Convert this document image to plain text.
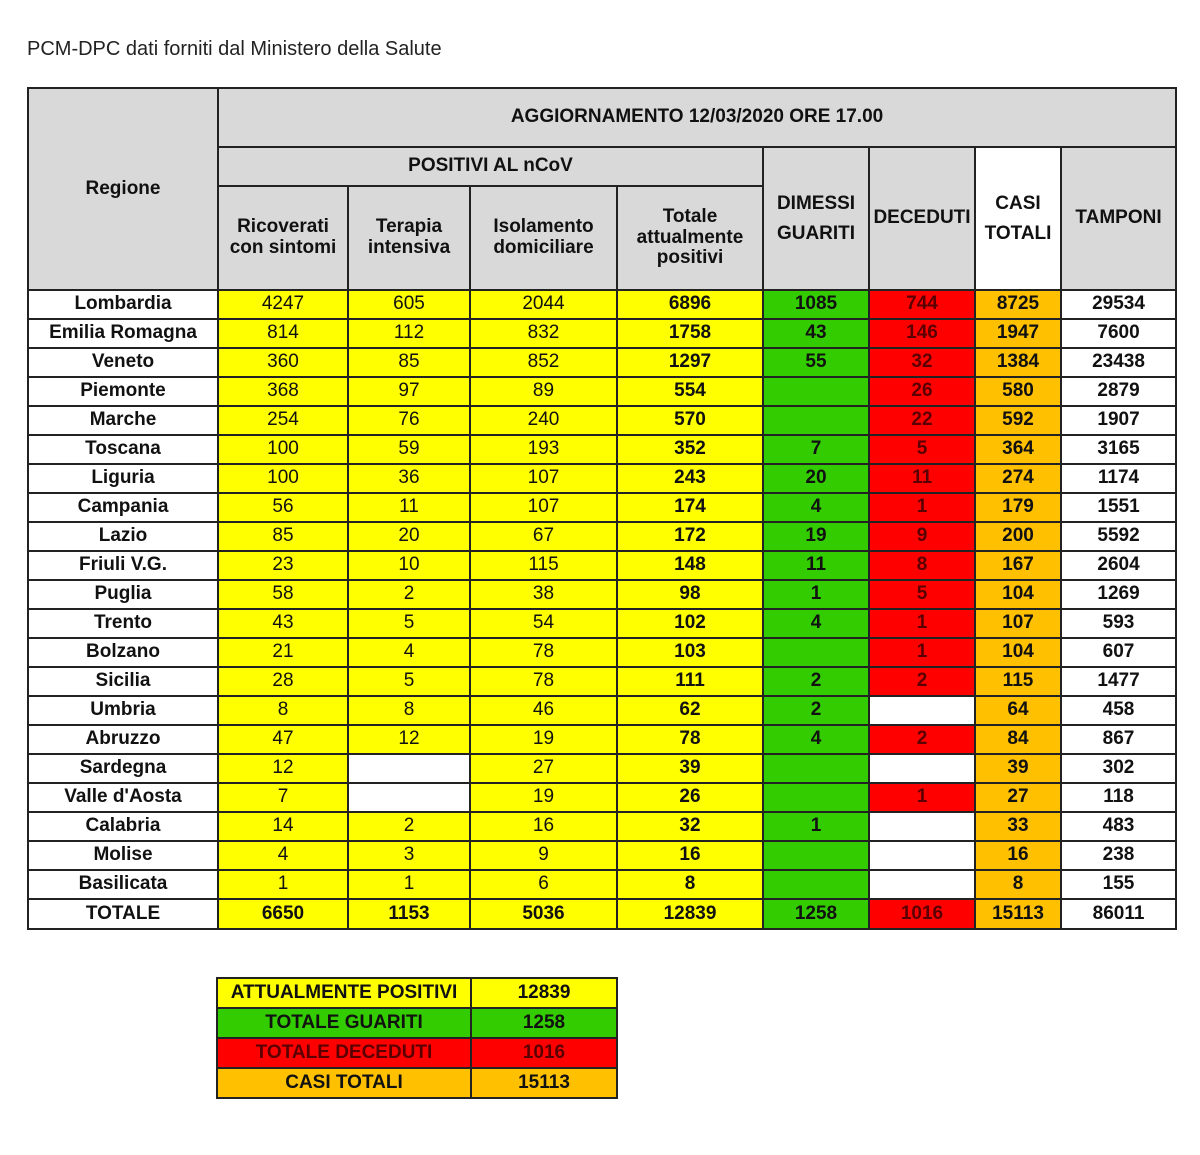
PCM-DPC dati forniti dal Ministero della Salute
Regione	AGGIORNAMENTO 12/03/2020 ORE 17.00							
	POSITIVI AL nCoV				DIMESSI GUARITI	DECEDUTI	CASI TOTALI	TAMPONI
	Ricoverati con sintomi	Terapia intensiva	Isolamento domiciliare	Totale attualmente positivi				
Lombardia	4247	605	2044	6896	1085	744	8725	29534
Emilia Romagna	814	112	832	1758	43	146	1947	7600
Veneto	360	85	852	1297	55	32	1384	23438
Piemonte	368	97	89	554		26	580	2879
Marche	254	76	240	570		22	592	1907
Toscana	100	59	193	352	7	5	364	3165
Liguria	100	36	107	243	20	11	274	1174
Campania	56	11	107	174	4	1	179	1551
Lazio	85	20	67	172	19	9	200	5592
Friuli V.G.	23	10	115	148	11	8	167	2604
Puglia	58	2	38	98	1	5	104	1269
Trento	43	5	54	102	4	1	107	593
Bolzano	21	4	78	103		1	104	607
Sicilia	28	5	78	111	2	2	115	1477
Umbria	8	8	46	62	2		64	458
Abruzzo	47	12	19	78	4	2	84	867
Sardegna	12		27	39			39	302
Valle d'Aosta	7		19	26		1	27	118
Calabria	14	2	16	32	1		33	483
Molise	4	3	9	16			16	238
Basilicata	1	1	6	8			8	155
TOTALE	6650	1153	5036	12839	1258	1016	15113	86011
ATTUALMENTE POSITIVI	12839
TOTALE GUARITI	1258
TOTALE DECEDUTI	1016
CASI TOTALI	15113
